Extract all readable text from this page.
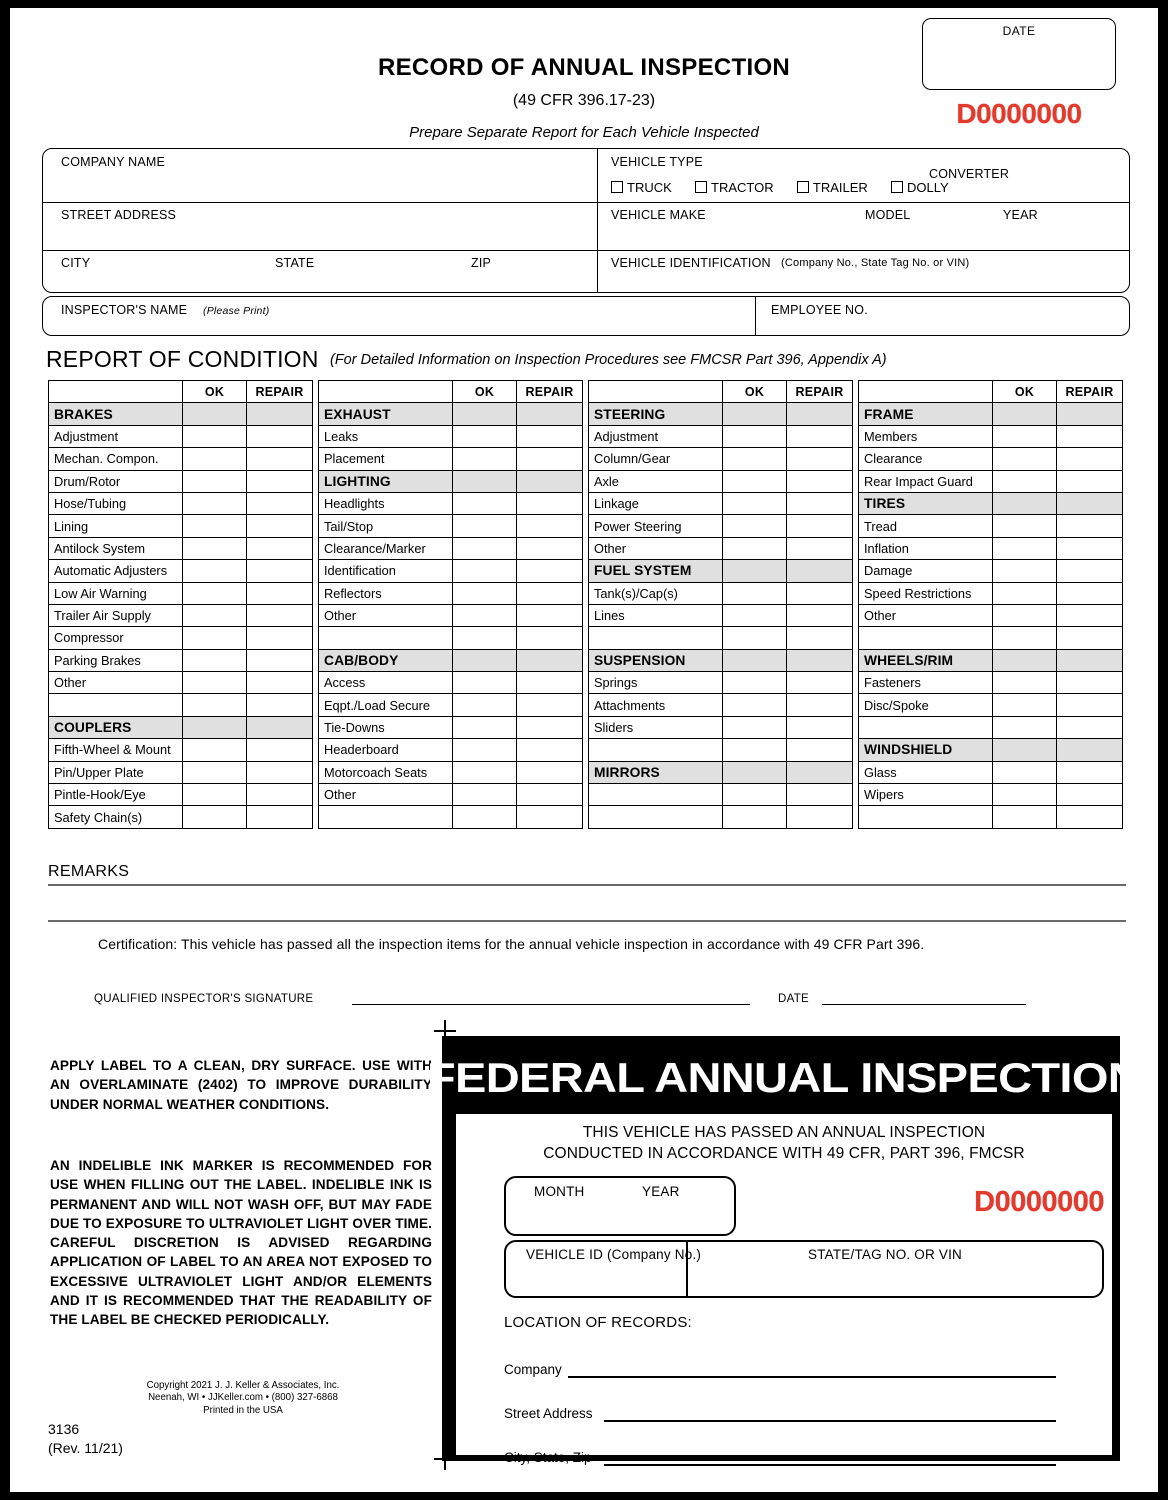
RECORD OF ANNUAL INSPECTION
(49 CFR 396.17-23)
Prepare Separate Report for Each Vehicle Inspected
DATE
D0000000
COMPANY NAME
STREET ADDRESS
CITY	STATE	ZIP
VEHICLE TYPE
CONVERTER
TRUCK	TRACTOR	TRAILER	DOLLY
VEHICLE MAKE	MODEL	YEAR
VEHICLE IDENTIFICATION (Company No., State Tag No. or VIN)
INSPECTOR'S NAME (Please Print)	EMPLOYEE NO.
REPORT OF CONDITION (For Detailed Information on Inspection Procedures see FMCSR Part 396, Appendix A)
	OK	REPAIR			OK	REPAIR			OK	REPAIR			OK	REPAIR
BRAKES				EXHAUST				STEERING				FRAME		
Adjustment				Leaks				Adjustment				Members		
Mechan. Compon.				Placement				Column/Gear				Clearance		
Drum/Rotor				LIGHTING				Axle				Rear Impact Guard		
Hose/Tubing				Headlights				Linkage				TIRES		
Lining				Tail/Stop				Power Steering				Tread		
Antilock System				Clearance/Marker				Other				Inflation		
Automatic Adjusters				Identification				FUEL SYSTEM				Damage		
Low Air Warning				Reflectors				Tank(s)/Cap(s)				Speed Restrictions		
Trailer Air Supply				Other				Lines				Other		
Compressor														
Parking Brakes				CAB/BODY				SUSPENSION				WHEELS/RIM		
Other				Access				Springs				Fasteners		
				Eqpt./Load Secure				Attachments				Disc/Spoke		
COUPLERS				Tie-Downs				Sliders						
Fifth-Wheel & Mount				Headerboard								WINDSHIELD		
Pin/Upper Plate				Motorcoach Seats				MIRRORS				Glass		
Pintle-Hook/Eye				Other								Wipers		
Safety Chain(s)														
REMARKS
Certification: This vehicle has passed all the inspection items for the annual vehicle inspection in accordance with 49 CFR Part 396.
QUALIFIED INSPECTOR'S SIGNATURE	DATE
APPLY LABEL TO A CLEAN, DRY SURFACE. USE WITH AN OVERLAMINATE (2402) TO IMPROVE DURABILITY UNDER NORMAL WEATHER CONDITIONS.
AN INDELIBLE INK MARKER IS RECOMMENDED FOR USE WHEN FILLING OUT THE LABEL. INDELIBLE INK IS PERMANENT AND WILL NOT WASH OFF, BUT MAY FADE DUE TO EXPOSURE TO ULTRAVIOLET LIGHT OVER TIME. CAREFUL DISCRETION IS ADVISED REGARDING APPLICATION OF LABEL TO AN AREA NOT EXPOSED TO EXCESSIVE ULTRAVIOLET LIGHT AND/OR ELEMENTS AND IT IS RECOMMENDED THAT THE READABILITY OF THE LABEL BE CHECKED PERIODICALLY.
Copyright 2021 J. J. Keller & Associates, Inc.
Neenah, WI • JJKeller.com • (800) 327-6868
Printed in the USA
3136
(Rev. 11/21)
FEDERAL ANNUAL INSPECTION
THIS VEHICLE HAS PASSED AN ANNUAL INSPECTION
CONDUCTED IN ACCORDANCE WITH 49 CFR, PART 396, FMCSR
MONTH	YEAR	D0000000
VEHICLE ID (Company No.)	STATE/TAG NO. OR VIN
LOCATION OF RECORDS:
Company
Street Address
City, State, Zip
